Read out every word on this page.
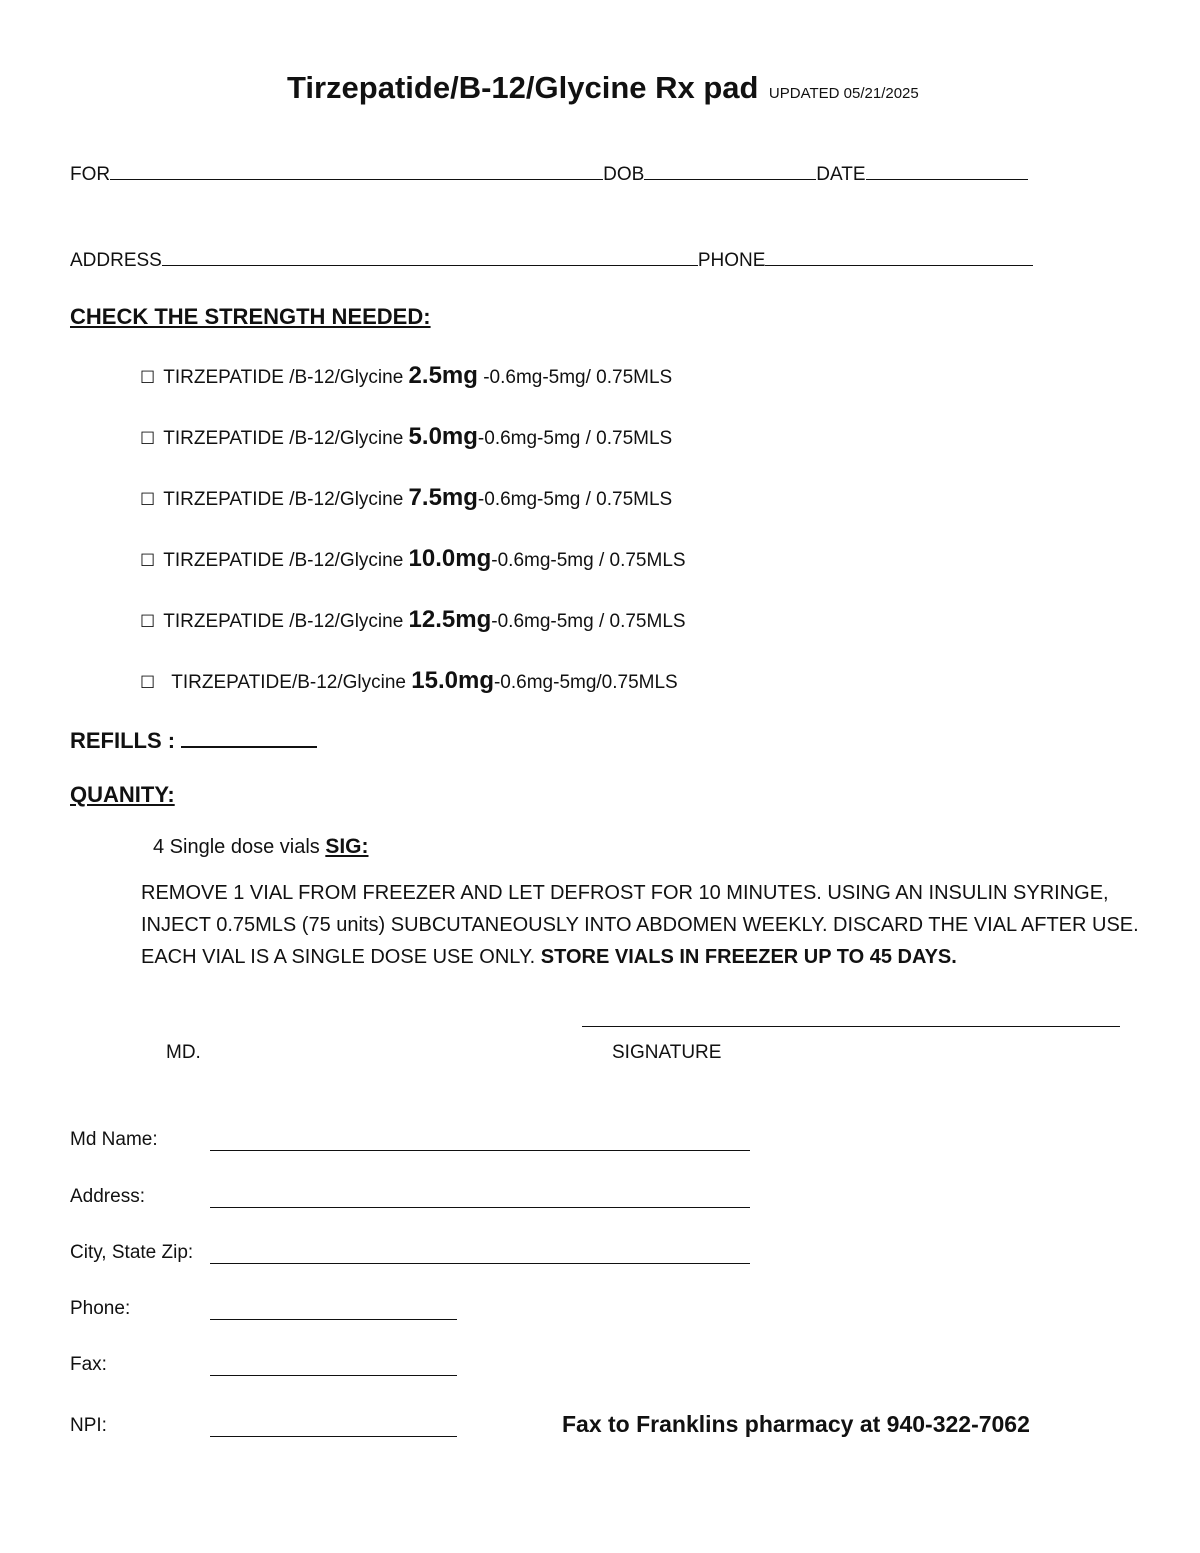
Tirzepatide/B-12/Glycine Rx pad UPDATED 05/21/2025
FOR	DOB	DATE
ADDRESS	PHONE
CHECK THE STRENGTH NEEDED:
☐ TIRZEPATIDE /B-12/Glycine 2.5mg -0.6mg-5mg/ 0.75MLS
☐ TIRZEPATIDE /B-12/Glycine 5.0mg-0.6mg-5mg / 0.75MLS
☐ TIRZEPATIDE /B-12/Glycine 7.5mg-0.6mg-5mg / 0.75MLS
☐ TIRZEPATIDE /B-12/Glycine 10.0mg-0.6mg-5mg / 0.75MLS
☐ TIRZEPATIDE /B-12/Glycine 12.5mg-0.6mg-5mg / 0.75MLS
☐ TIRZEPATIDE/B-12/Glycine 15.0mg-0.6mg-5mg/0.75MLS
REFILLS :
QUANITY:
4 Single dose vials SIG:
REMOVE 1 VIAL FROM FREEZER AND LET DEFROST FOR 10 MINUTES. USING AN INSULIN SYRINGE,
INJECT 0.75MLS (75 units) SUBCUTANEOUSLY INTO ABDOMEN WEEKLY. DISCARD THE VIAL AFTER USE.
EACH VIAL IS A SINGLE DOSE USE ONLY. STORE VIALS IN FREEZER UP TO 45 DAYS.
MD.	SIGNATURE
Md Name:
Address:
City, State Zip:
Phone:
Fax:
NPI:	Fax to Franklins pharmacy at 940-322-7062
